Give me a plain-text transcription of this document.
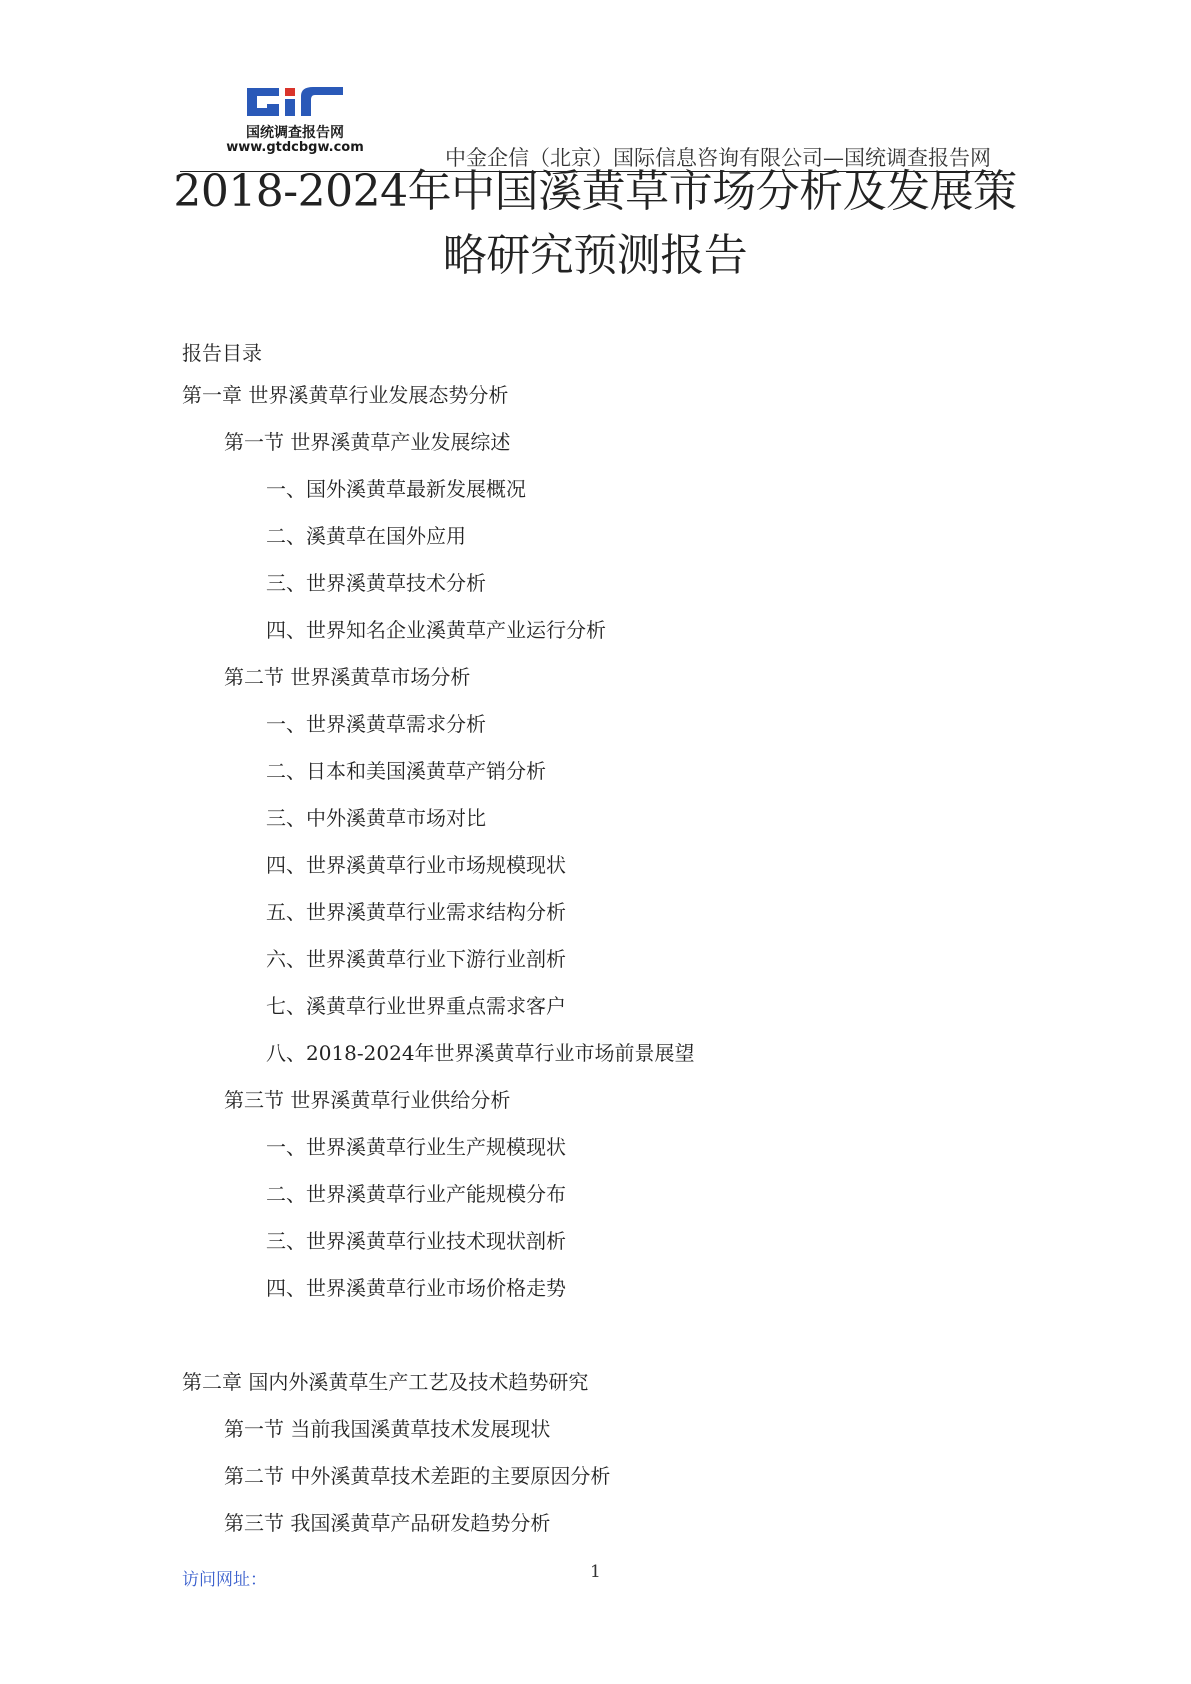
国统调查报告网
www.gtdcbgw.com	中金企信（北京）国际信息咨询有限公司—国统调查报告网
2018-2024年中国溪黄草市场分析及发展策
略研究预测报告
报告目录
第一章 世界溪黄草行业发展态势分析
第一节 世界溪黄草产业发展综述
一、国外溪黄草最新发展概况
二、溪黄草在国外应用
三、世界溪黄草技术分析
四、世界知名企业溪黄草产业运行分析
第二节 世界溪黄草市场分析
一、世界溪黄草需求分析
二、日本和美国溪黄草产销分析
三、中外溪黄草市场对比
四、世界溪黄草行业市场规模现状
五、世界溪黄草行业需求结构分析
六、世界溪黄草行业下游行业剖析
七、溪黄草行业世界重点需求客户
八、2018-2024年世界溪黄草行业市场前景展望
第三节 世界溪黄草行业供给分析
一、世界溪黄草行业生产规模现状
二、世界溪黄草行业产能规模分布
三、世界溪黄草行业技术现状剖析
四、世界溪黄草行业市场价格走势
第二章 国内外溪黄草生产工艺及技术趋势研究
第一节 当前我国溪黄草技术发展现状
第二节 中外溪黄草技术差距的主要原因分析
第三节 我国溪黄草产品研发趋势分析
访问网址：	1
